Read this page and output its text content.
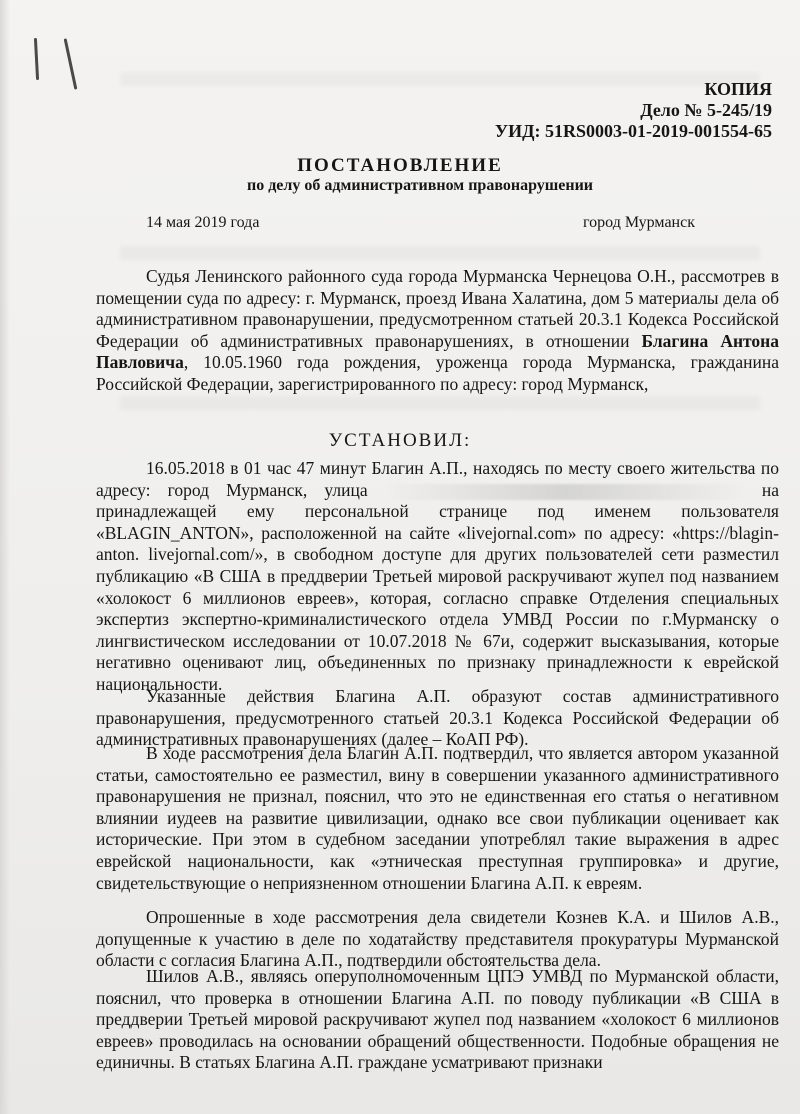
КОПИЯ
Дело № 5-245/19
УИД: 51RS0003-01-2019-001554-65
ПОСТАНОВЛЕНИЕ
по делу об административном правонарушении
14 мая 2019 года	город Мурманск

Судья Ленинского районного суда города Мурманска Чернецова О.Н., рассмотрев в помещении суда по адресу: г. Мурманск, проезд Ивана Халатина, дом 5 материалы дела об административном правонарушении, предусмотренном статьей 20.3.1 Кодекса Российской Федерации об административных правонарушениях, в отношении Благина Антона Павловича, 10.05.1960 года рождения, уроженца города Мурманска, гражданина Российской Федерации, зарегистрированного по адресу: город Мурманск,

УСТАНОВИЛ:

16.05.2018 в 01 час 47 минут Благин А.П., находясь по месту своего жительства по адресу: город Мурманск, улица	на принадлежащей ему персональной странице под именем пользователя «BLAGIN_ANTON», расположенной на сайте «livejornal.com» по адресу: «https://blagin-anton. livejornal.com/», в свободном доступе для других пользователей сети разместил публикацию «В США в преддверии Третьей мировой раскручивают жупел под названием «холокост 6 миллионов евреев», которая, согласно справке Отделения специальных экспертиз экспертно-криминалистического отдела УМВД России по г.Мурманску о лингвистическом исследовании от 10.07.2018 № 67и, содержит высказывания, которые негативно оценивают лиц, объединенных по признаку принадлежности к еврейской национальности.

Указанные действия Благина А.П. образуют состав административного правонарушения, предусмотренного статьей 20.3.1 Кодекса Российской Федерации об административных правонарушениях (далее – КоАП РФ).

В ходе рассмотрения дела Благин А.П. подтвердил, что является автором указанной статьи, самостоятельно ее разместил, вину в совершении указанного административного правонарушения не признал, пояснил, что это не единственная его статья о негативном влиянии иудеев на развитие цивилизации, однако все свои публикации оценивает как исторические. При этом в судебном заседании употреблял такие выражения в адрес еврейской национальности, как «этническая преступная группировка» и другие, свидетельствующие о неприязненном отношении Благина А.П. к евреям.

Опрошенные в ходе рассмотрения дела свидетели Кознев К.А. и Шилов А.В., допущенные к участию в деле по ходатайству представителя прокуратуры Мурманской области с согласия Благина А.П., подтвердили обстоятельства дела.

Шилов А.В., являясь оперуполномоченным ЦПЭ УМВД по Мурманской области, пояснил, что проверка в отношении Благина А.П. по поводу публикации «В США в преддверии Третьей мировой раскручивают жупел под названием «холокост 6 миллионов евреев» проводилась на основании обращений общественности. Подобные обращения не единичны. В статьях Благина А.П. граждане усматривают признаки
